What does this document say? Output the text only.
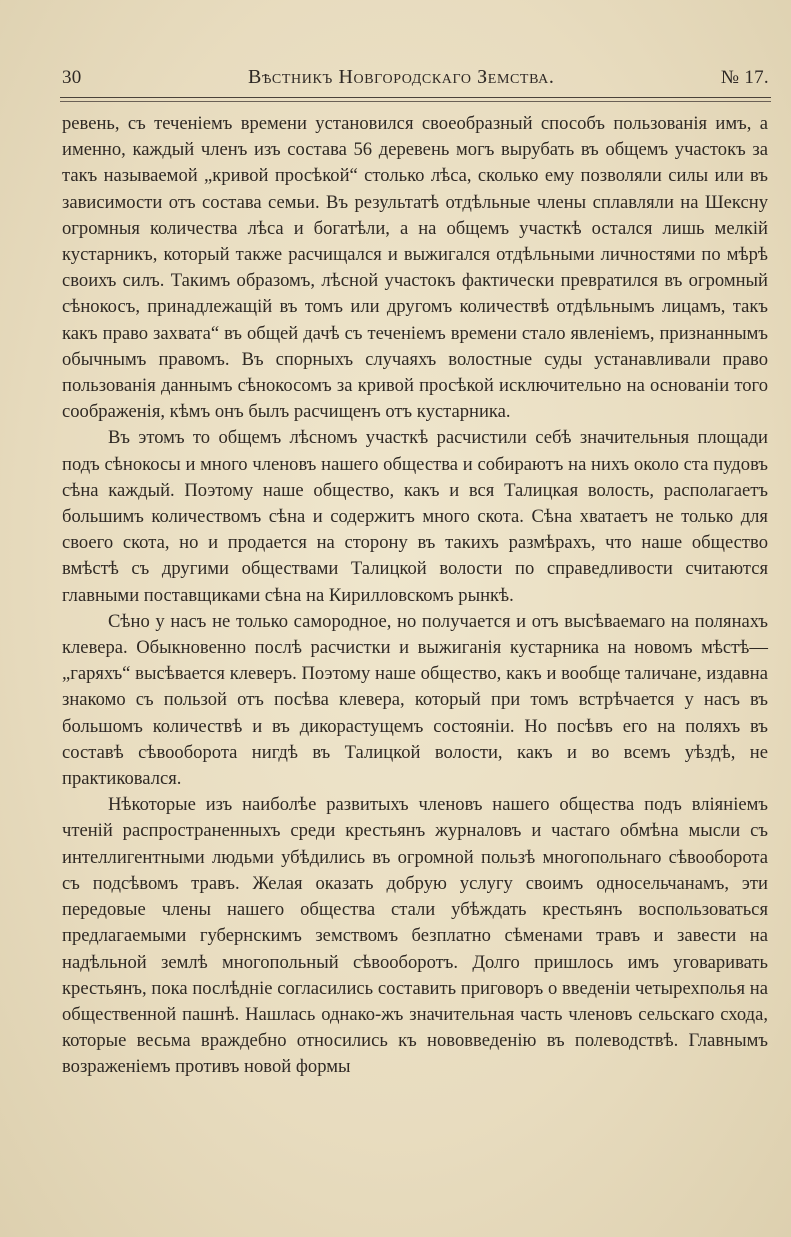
30	Вѣстникъ Новгородскаго Земства.	№ 17.

ревень, съ теченіемъ времени установился своеобразный способъ пользованія имъ, а именно, каждый членъ изъ состава 56 деревень могъ вырубать въ общемъ участокъ за такъ называемой „кривой просѣкой“ столько лѣса, сколько ему позволяли силы или въ зависимости отъ состава семьи. Въ результатѣ отдѣльные члены сплавляли на Шексну огромныя количества лѣса и богатѣли, а на общемъ участкѣ остался лишь мелкій кустарникъ, который также расчищался и выжигался отдѣльными личностями по мѣрѣ своихъ силъ. Такимъ образомъ, лѣсной участокъ фактически превратился въ огромный сѣнокосъ, принадлежащій въ томъ или другомъ количествѣ отдѣльнымъ лицамъ, такъ какъ право захвата“ въ общей дачѣ съ теченіемъ времени стало явленіемъ, признаннымъ обычнымъ правомъ. Въ спорныхъ случаяхъ волостные суды устанавливали право пользованія даннымъ сѣнокосомъ за кривой просѣкой исключительно на основаніи того соображенія, кѣмъ онъ былъ расчищенъ отъ кустарника.

Въ этомъ то общемъ лѣсномъ участкѣ расчистили себѣ значительныя площади подъ сѣнокосы и много членовъ нашего общества и собираютъ на нихъ около ста пудовъ сѣна каждый. Поэтому наше общество, какъ и вся Талицкая волость, располагаетъ большимъ количествомъ сѣна и содержитъ много скота. Сѣна хватаетъ не только для своего скота, но и продается на сторону въ такихъ размѣрахъ, что наше общество вмѣстѣ съ другими обществами Талицкой волости по справедливости считаются главными поставщиками сѣна на Кирилловскомъ рынкѣ.

Сѣно у насъ не только самородное, но получается и отъ высѣваемаго на полянахъ клевера. Обыкновенно послѣ расчистки и выжиганія кустарника на новомъ мѣстѣ—„гаряхъ“ высѣвается клеверъ. Поэтому наше общество, какъ и вообще таличане, издавна знакомо съ пользой отъ посѣва клевера, который при томъ встрѣчается у насъ въ большомъ количествѣ и въ дикорастущемъ состояніи. Но посѣвъ его на поляхъ въ составѣ сѣвооборота нигдѣ въ Талицкой волости, какъ и во всемъ уѣздѣ, не практиковался.

Нѣкоторые изъ наиболѣе развитыхъ членовъ нашего общества подъ вліяніемъ чтеній распространенныхъ среди крестьянъ журналовъ и частаго обмѣна мысли съ интеллигентными людьми убѣдились въ огромной пользѣ многопольнаго сѣвооборота съ подсѣвомъ травъ. Желая оказать добрую услугу своимъ односельчанамъ, эти передовые члены нашего общества стали убѣждать крестьянъ воспользоваться предлагаемыми губернскимъ земствомъ безплатно сѣменами травъ и завести на надѣльной землѣ многопольный сѣвооборотъ. Долго пришлось имъ уговаривать крестьянъ, пока послѣдніе согласились составить приговоръ о введеніи четырехполья на общественной пашнѣ. Нашлась однако-жъ значительная часть членовъ сельскаго схода, которые весьма враждебно относились къ нововведенію въ полеводствѣ. Главнымъ возраженіемъ противъ новой формы
